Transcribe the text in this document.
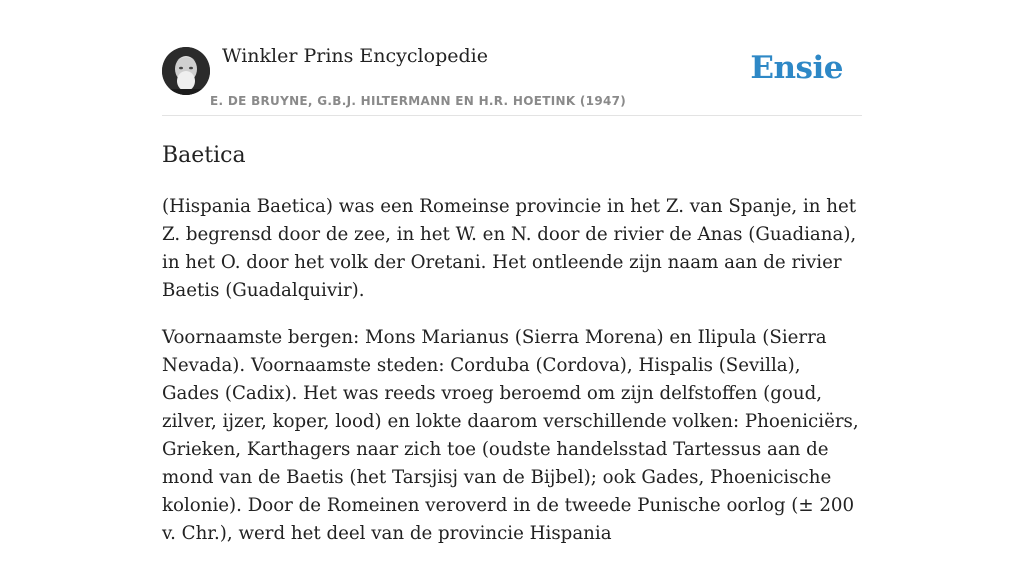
Winkler Prins Encyclopedie
E. DE BRUYNE, G.B.J. HILTERMANN EN H.R. HOETINK (1947)
Ensie
Baetica

(Hispania Baetica) was een Romeinse provincie in het Z. van Spanje, in het Z. begrensd door de zee, in het W. en N. door de rivier de Anas (Guadiana), in het O. door het volk der Oretani. Het ontleende zijn naam aan de rivier Baetis (Guadalquivir).

Voornaamste bergen: Mons Marianus (Sierra Morena) en Ilipula (Sierra Nevada). Voornaamste steden: Corduba (Cordova), Hispalis (Sevilla), Gades (Cadix). Het was reeds vroeg beroemd om zijn delfstoffen (goud, zilver, ijzer, koper, lood) en lokte daarom verschillende volken: Phoeniciërs, Grieken, Karthagers naar zich toe (oudste handelsstad Tartessus aan de mond van de Baetis (het Tarsjisj van de Bijbel); ook Gades, Phoenicische kolonie). Door de Romeinen veroverd in de tweede Punische oorlog (± 200 v. Chr.), werd het deel van de provincie Hispania
